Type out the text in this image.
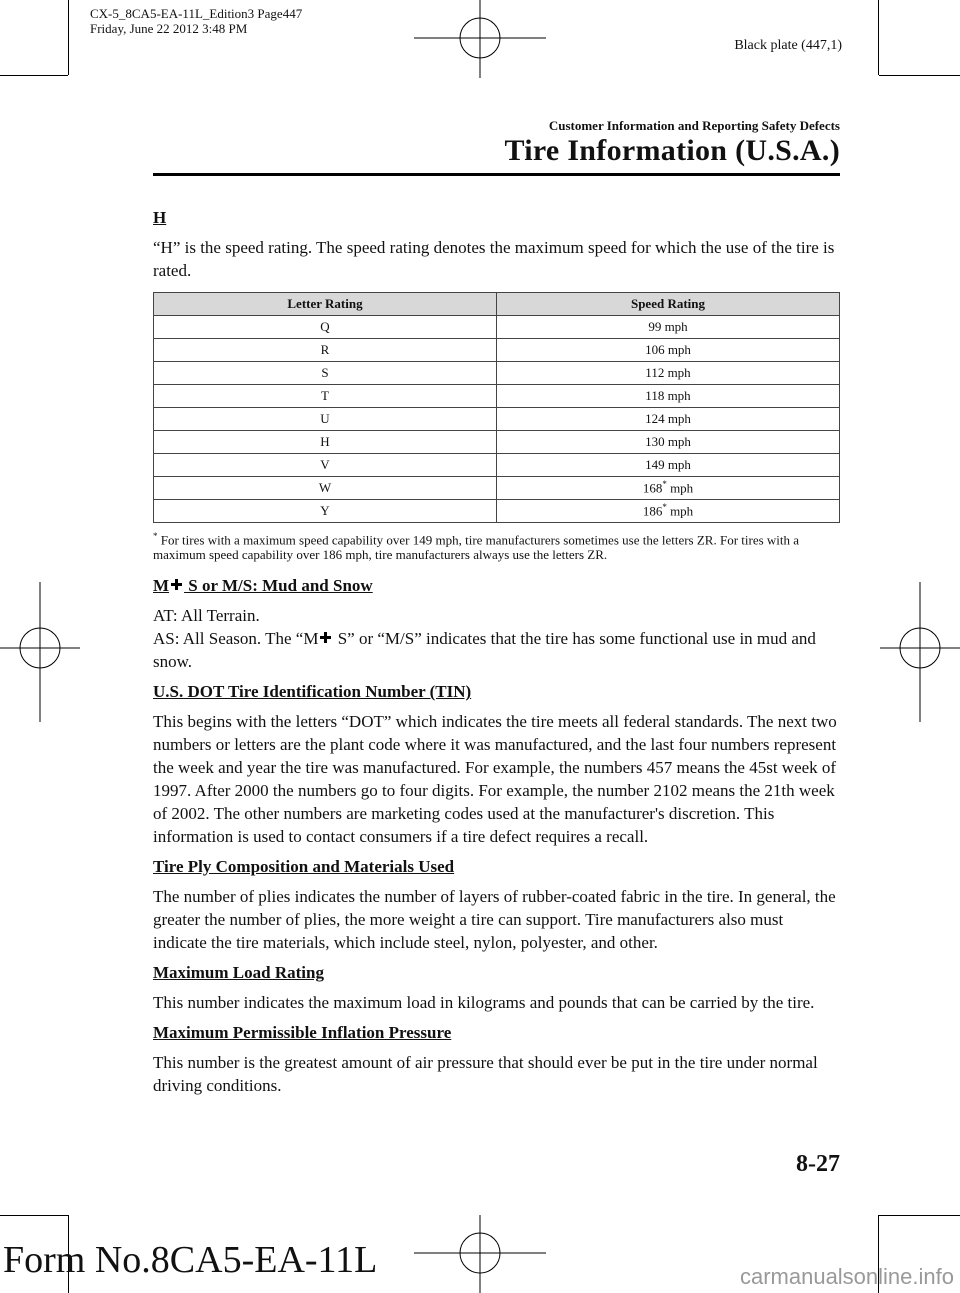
CX-5_8CA5-EA-11L_Edition3 Page447
Friday, June 22 2012 3:48 PM
Black plate (447,1)
Customer Information and Reporting Safety Defects
Tire Information (U.S.A.)
H

“H” is the speed rating. The speed rating denotes the maximum speed for which the use of the tire is rated.

Letter Rating	Speed Rating
Q	99 mph
R	106 mph
S	112 mph
T	118 mph
U	124 mph
H	130 mph
V	149 mph
W	168* mph
Y	186* mph
* For tires with a maximum speed capability over 149 mph, tire manufacturers sometimes use the letters ZR. For tires with a maximum speed capability over 186 mph, tire manufacturers always use the letters ZR.
M S or M/S: Mud and Snow

AT: All Terrain.
AS: All Season. The “M S” or “M/S” indicates that the tire has some functional use in mud and snow.

U.S. DOT Tire Identification Number (TIN)

This begins with the letters “DOT” which indicates the tire meets all federal standards. The next two numbers or letters are the plant code where it was manufactured, and the last four numbers represent the week and year the tire was manufactured. For example, the numbers 457 means the 45st week of 1997. After 2000 the numbers go to four digits. For example, the number 2102 means the 21th week of 2002. The other numbers are marketing codes used at the manufacturer's discretion. This information is used to contact consumers if a tire defect requires a recall.

Tire Ply Composition and Materials Used

The number of plies indicates the number of layers of rubber-coated fabric in the tire. In general, the greater the number of plies, the more weight a tire can support. Tire manufacturers also must indicate the tire materials, which include steel, nylon, polyester, and other.

Maximum Load Rating

This number indicates the maximum load in kilograms and pounds that can be carried by the tire.

Maximum Permissible Inflation Pressure

This number is the greatest amount of air pressure that should ever be put in the tire under normal driving conditions.

8-27
Form No.8CA5-EA-11L	carmanualsonline.info
